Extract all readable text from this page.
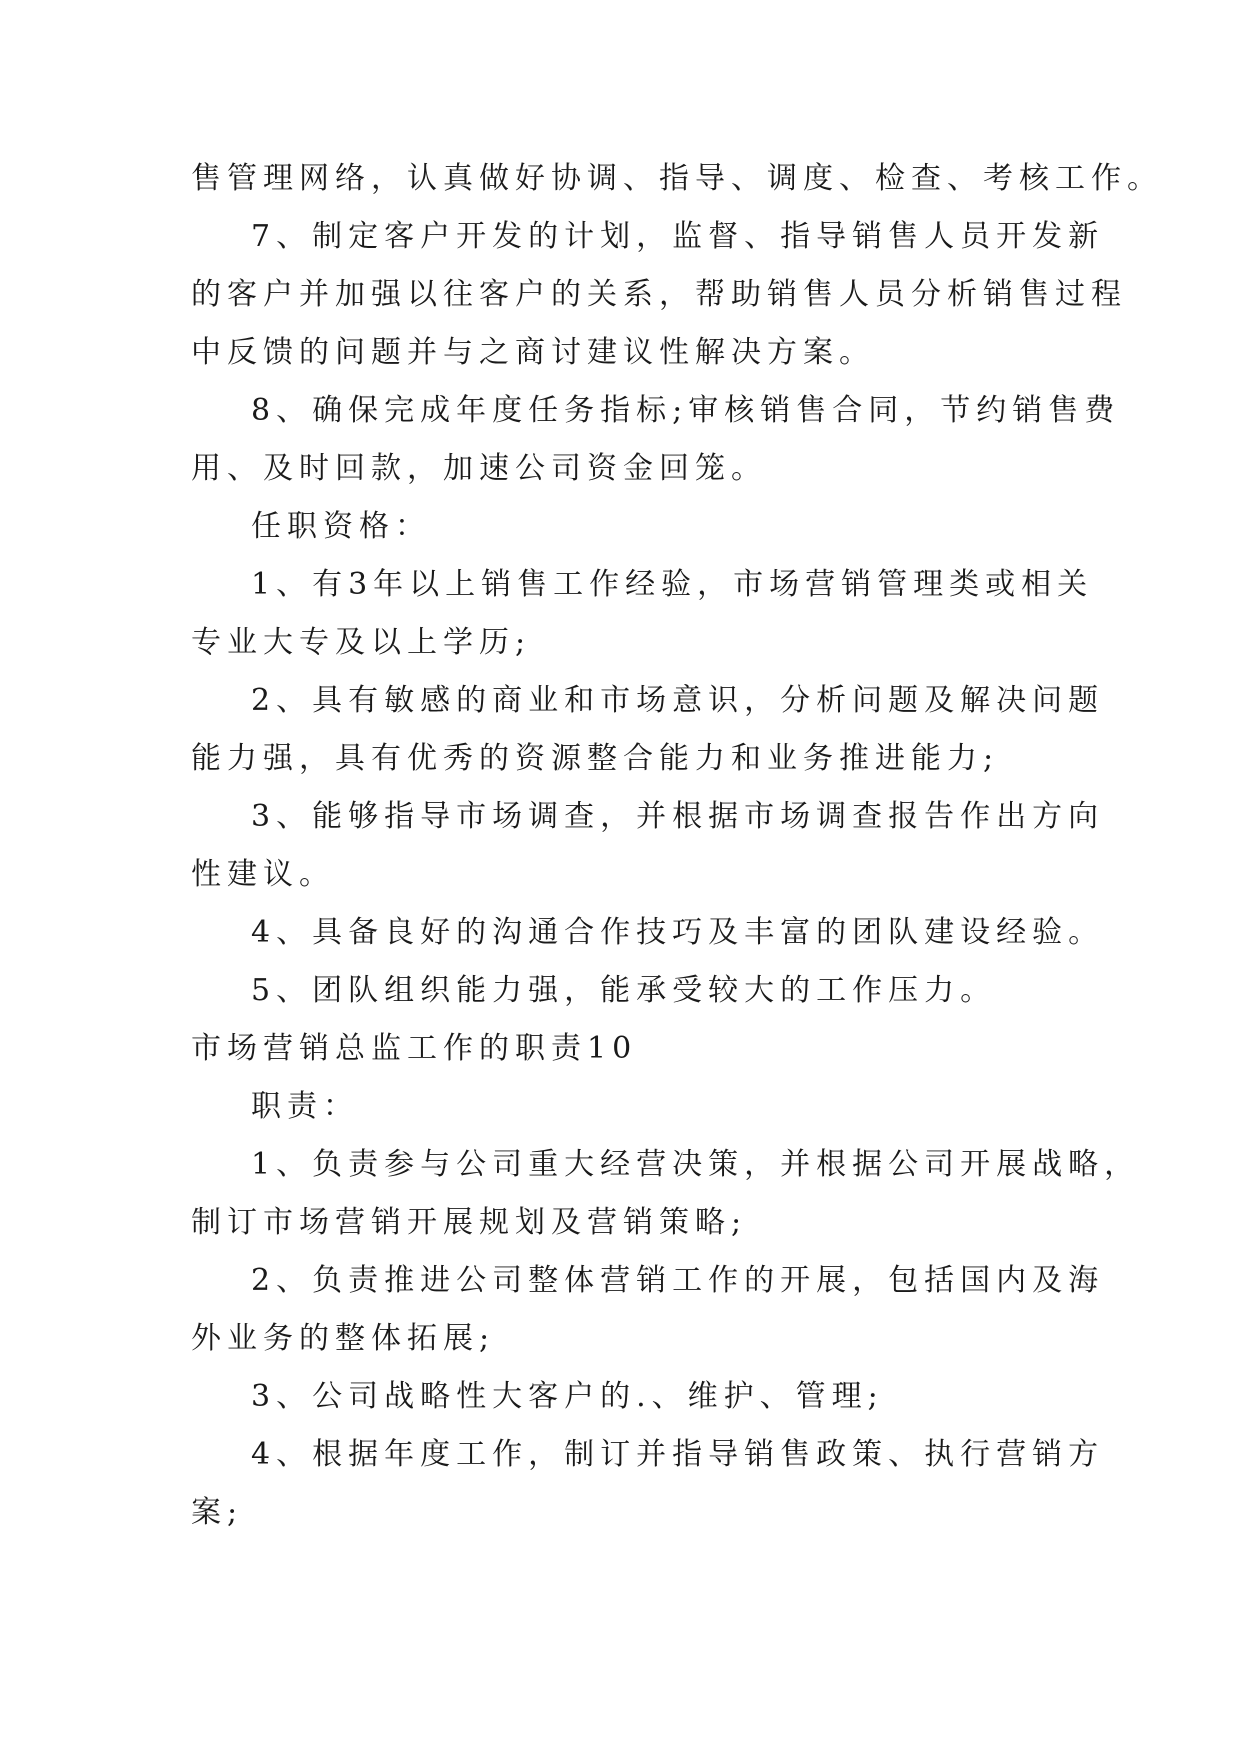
售管理网络，认真做好协调、指导、调度、检查、考核工作。
7、制定客户开发的计划，监督、指导销售人员开发新
的客户并加强以往客户的关系，帮助销售人员分析销售过程
中反馈的问题并与之商讨建议性解决方案。
8、确保完成年度任务指标;审核销售合同，节约销售费
用、及时回款，加速公司资金回笼。
任职资格：
1、有3年以上销售工作经验，市场营销管理类或相关
专业大专及以上学历;
2、具有敏感的商业和市场意识，分析问题及解决问题
能力强，具有优秀的资源整合能力和业务推进能力;
3、能够指导市场调查，并根据市场调查报告作出方向
性建议。
4、具备良好的沟通合作技巧及丰富的团队建设经验。
5、团队组织能力强，能承受较大的工作压力。
市场营销总监工作的职责10
职责：
1、负责参与公司重大经营决策，并根据公司开展战略，
制订市场营销开展规划及营销策略;
2、负责推进公司整体营销工作的开展，包括国内及海
外业务的整体拓展;
3、公司战略性大客户的.、维护、管理;
4、根据年度工作，制订并指导销售政策、执行营销方
案;
